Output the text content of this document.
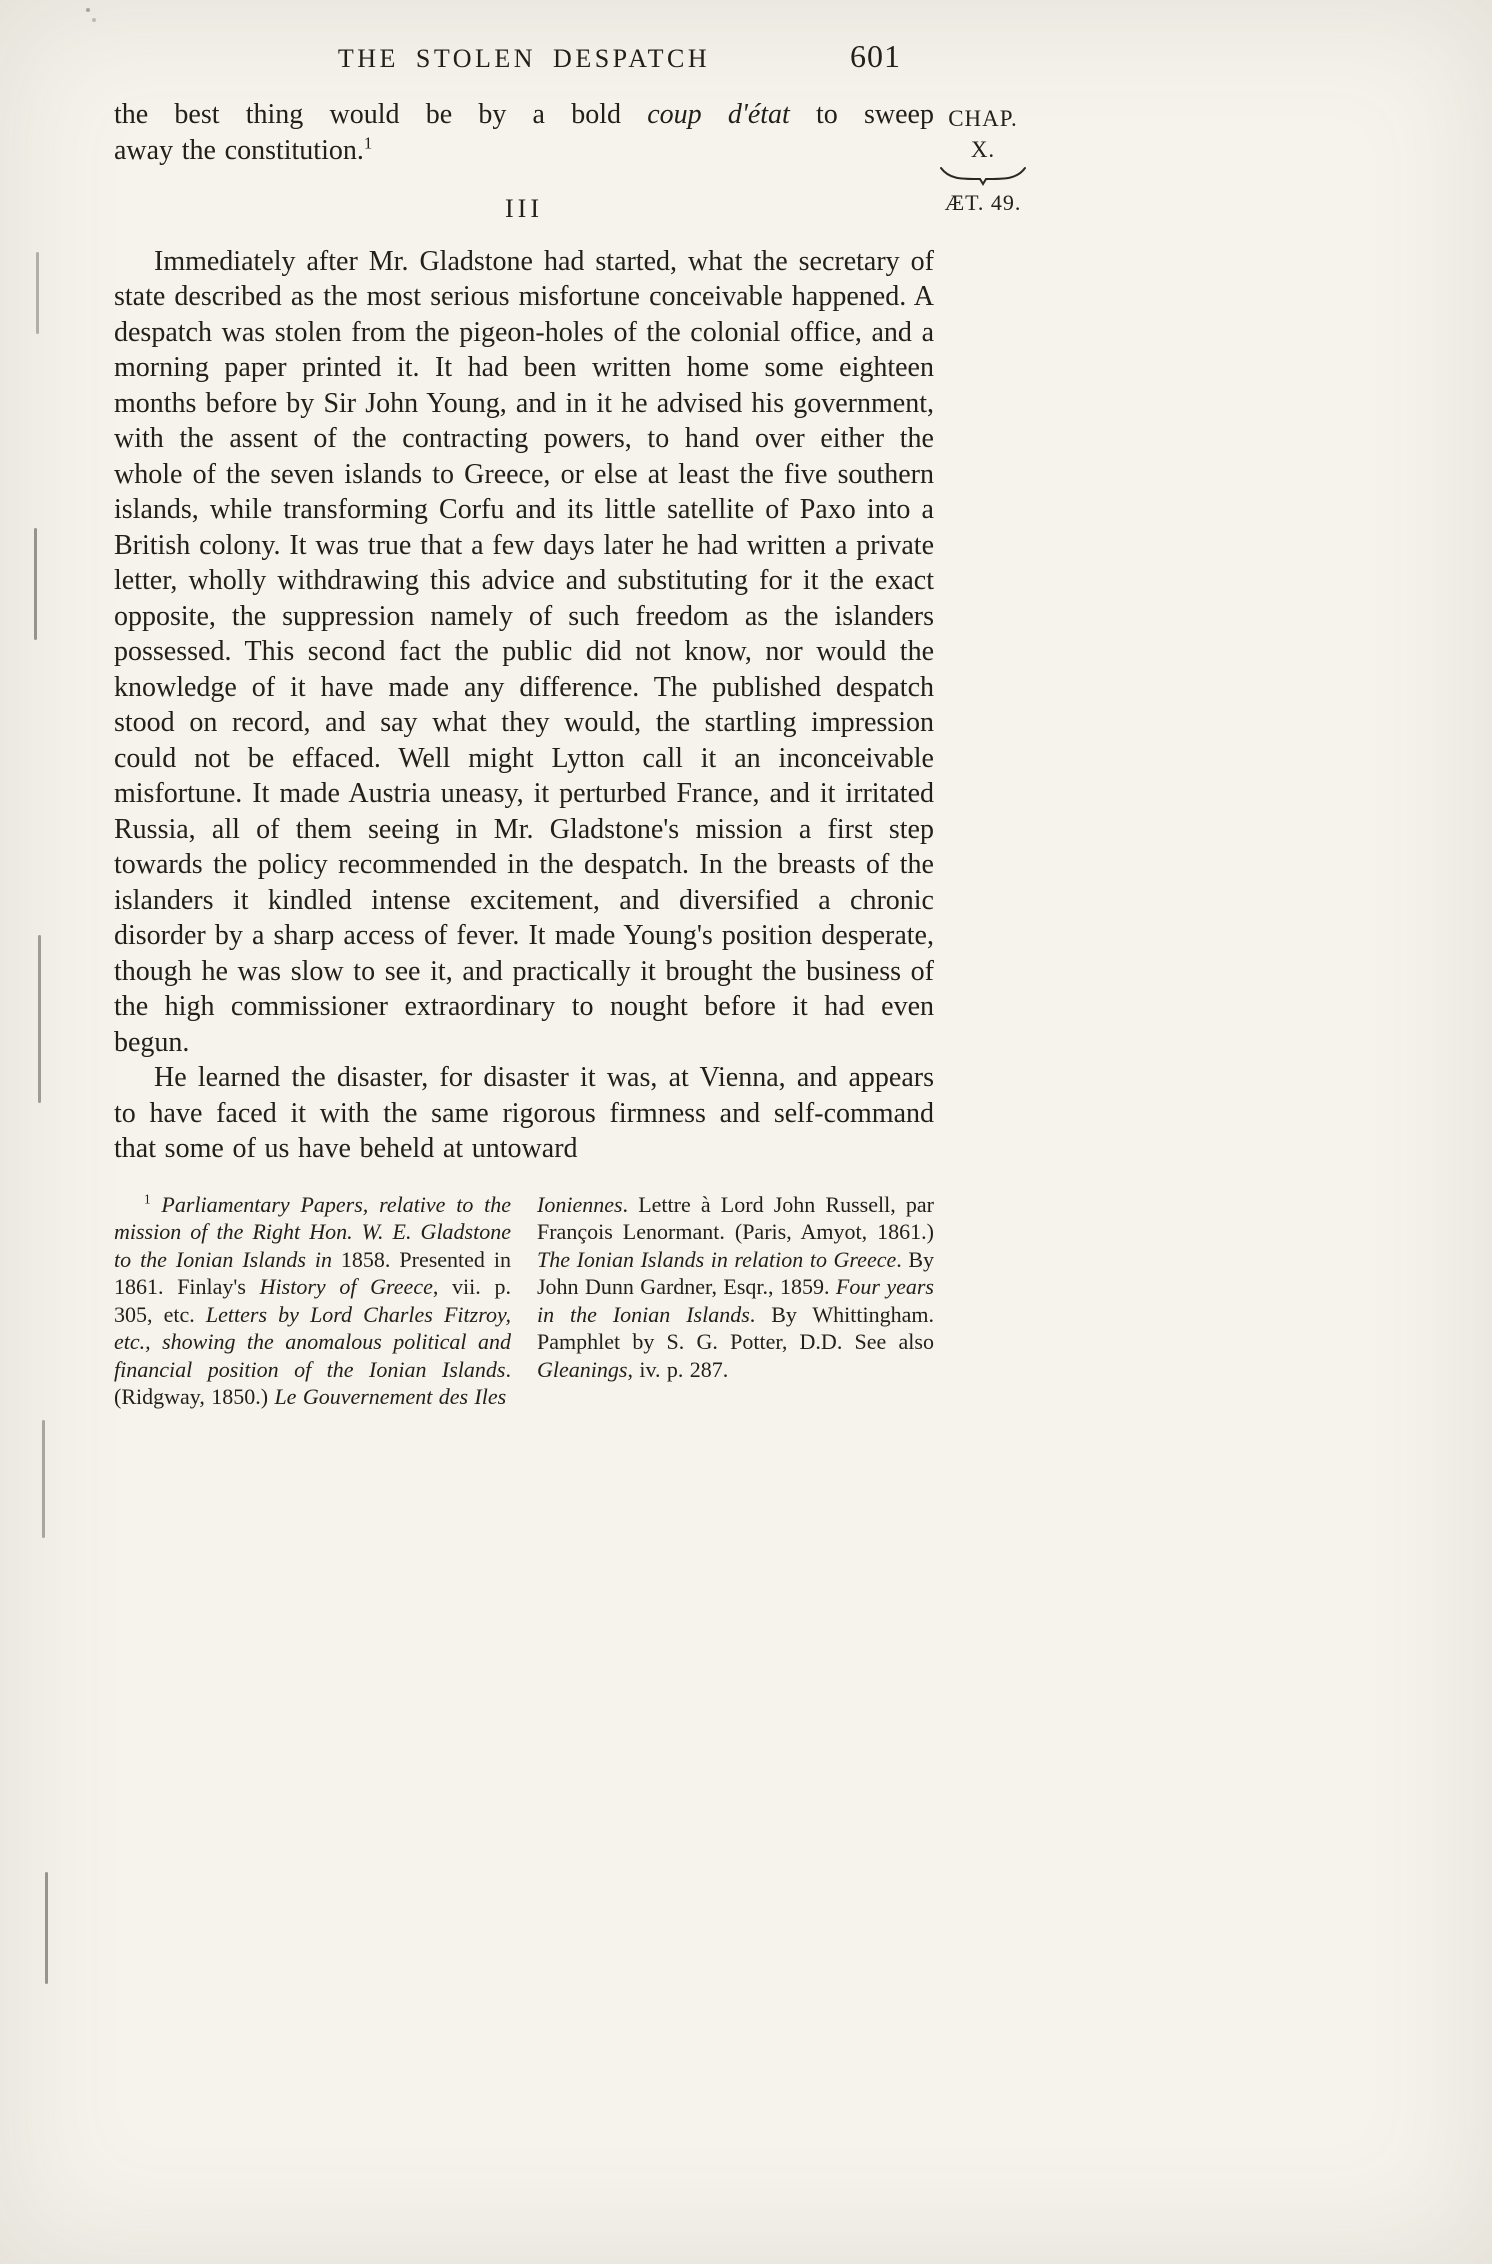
THE STOLEN DESPATCH	601
CHAP.
X.
ÆT. 49.

the best thing would be by a bold coup d'état to sweep
away the constitution.$^1$

III

Immediately after Mr. Gladstone had started, what the secretary of state described as the most serious misfortune conceivable happened. A despatch was stolen from the pigeon-holes of the colonial office, and a morning paper printed it. It had been written home some eighteen months before by Sir John Young, and in it he advised his government, with the assent of the contracting powers, to hand over either the whole of the seven islands to Greece, or else at least the five southern islands, while transforming Corfu and its little satellite of Paxo into a British colony. It was true that a few days later he had written a private letter, wholly withdrawing this advice and substituting for it the exact opposite, the suppression namely of such freedom as the islanders possessed. This second fact the public did not know, nor would the knowledge of it have made any difference. The published despatch stood on record, and say what they would, the startling impression could not be effaced. Well might Lytton call it an inconceivable misfortune. It made Austria uneasy, it perturbed France, and it irritated Russia, all of them seeing in Mr. Gladstone's mission a first step towards the policy recommended in the despatch. In the breasts of the islanders it kindled intense excitement, and diversified a chronic disorder by a sharp access of fever. It made Young's position desperate, though he was slow to see it, and practically it brought the business of the high commissioner extraordinary to nought before it had even begun.

He learned the disaster, for disaster it was, at Vienna, and appears to have faced it with the same rigorous firmness and self-command that some of us have beheld at untoward

$^1$ Parliamentary Papers, relative to the mission of the Right Hon. W. E. Gladstone to the Ionian Islands in 1858. Presented in 1861. Finlay's History of Greece, vii. p. 305, etc. Letters by Lord Charles Fitzroy, etc., showing the anomalous political and financial position of the Ionian Islands. (Ridgway, 1850.) Le Gouvernement des Iles
Ioniennes. Lettre à Lord John Russell, par François Lenormant. (Paris, Amyot, 1861.) The Ionian Islands in relation to Greece. By John Dunn Gardner, Esqr., 1859. Four years in the Ionian Islands. By Whittingham. Pamphlet by S. G. Potter, D.D. See also Gleanings, iv. p. 287.
